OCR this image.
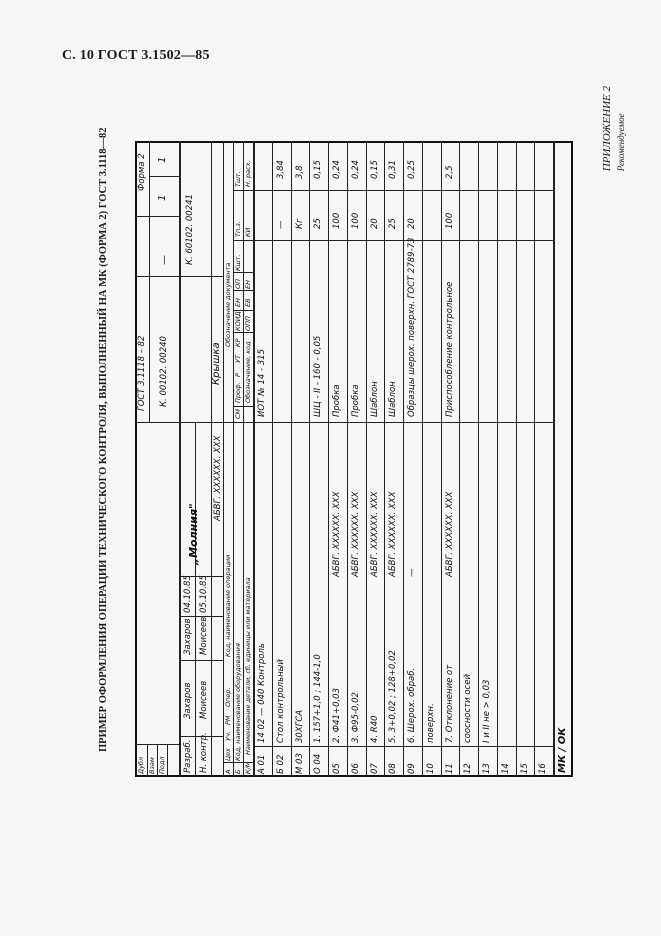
С. 10 ГОСТ 3.1502—85
ПРИЛОЖЕНИЕ 2 Рекомендуемое
ПРИМЕР ОФОРМЛЕНИЯ ОПЕРАЦИИ ТЕХНИЧЕСКОГО КОНТРОЛЯ, ВЫПОЛНЕННЫЙ НА МК (ФОРМА 2) ГОСТ 3.1118—82
Дубл Взам Подл
ГОСТ 3.1118 – 82
Форма 2
—
1
1
К. 00102. 00240
Разраб.
Захаров
Захаров
04.10.85
Н. контр.
Моисеев
Моисеев
05.10.85
„Молния"
АБВГ. ХХХХХХ. ХХХ
Крышка
К. 60102. 00241
А
Цех
Уч.
РМ
Опер.
Код, наименование операции
Обозначение документа
Б
Код, наименование оборудования
СМ
Проф.
Р
УТ
КР
КОИД
ЕН
ОП
Кшт.
Тп.з.
Тшт.
К/М
Наименование детали, сб. единицы или материала
Обозначение, код
ОПП
ЕВ
ЕН
КИ
Н. расх.
А 01
14 02 — 040 Контроль
ИОТ № 14 - 315
Б 02
Стол контрольный
—
3,84
М 03
30ХГСА
Кг
3,8
О 04
1. 157+1,0 ; 144-1,0
ШЦ - II - 160 - 0,05
25
0,15
05
2. Ф41+0,03
АБВГ. ХХХХХХ. ХХХ
Пробка
100
0,24
06
3. Ф95-0,02
АБВГ. ХХХХХХ. ХХХ
Пробка
100
0,24
07
4. R40
АБВГ. ХХХХХХ. ХХХ
Шаблон
20
0,15
08
5. 3+0,02 ; 128+0,02
АБВГ. ХХХХХХ. ХХХ
Шаблон
25
0,31
09
6. Шерох. обраб.
—
Образцы шерох. поверхн. ГОСТ 2789-73
20
0,25
10
поверхн.
11
7. Отклонение от
АБВГ. ХХХХХХ. ХХХ
Приспособление контрольное
100
2,5
12
соосности осей
13
I и II не > 0,03
14 15 16 МК / ОК
